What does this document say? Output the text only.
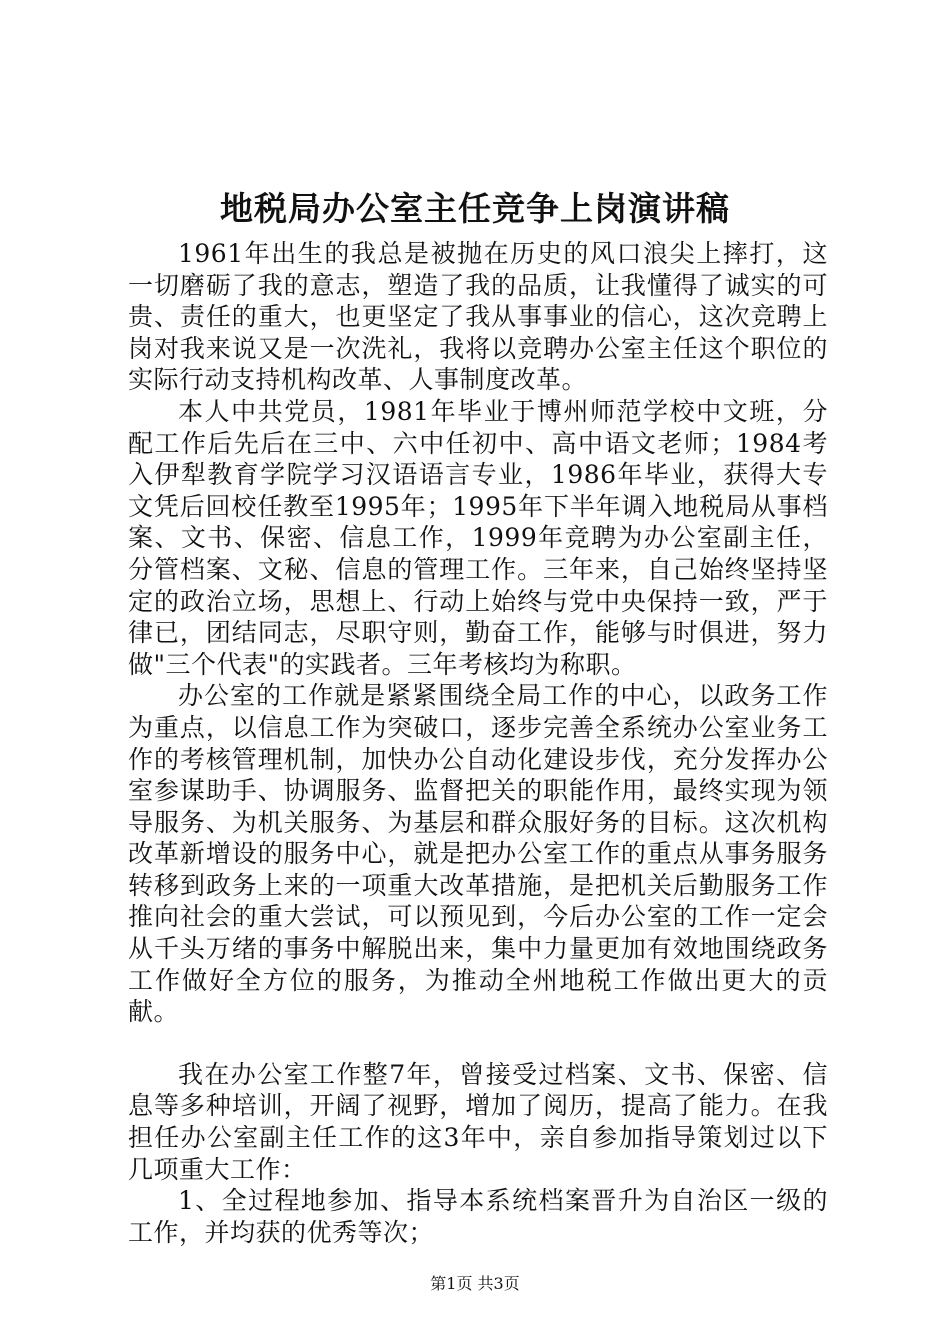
地税局办公室主任竞争上岗演讲稿

1961年出生的我总是被抛在历史的风口浪尖上摔打，这一切磨砺了我的意志，塑造了我的品质，让我懂得了诚实的可贵、责任的重大，也更坚定了我从事事业的信心，这次竞聘上岗对我来说又是一次洗礼，我将以竞聘办公室主任这个职位的实际行动支持机构改革、人事制度改革。

本人中共党员，1981年毕业于博州师范学校中文班，分配工作后先后在三中、六中任初中、高中语文老师；1984考入伊犁教育学院学习汉语语言专业，1986年毕业，获得大专文凭后回校任教至1995年；1995年下半年调入地税局从事档案、文书、保密、信息工作，1999年竞聘为办公室副主任，分管档案、文秘、信息的管理工作。三年来，自己始终坚持坚定的政治立场，思想上、行动上始终与党中央保持一致，严于律已，团结同志，尽职守则，勤奋工作，能够与时俱进，努力做"三个代表"的实践者。三年考核均为称职。

办公室的工作就是紧紧围绕全局工作的中心，以政务工作为重点，以信息工作为突破口，逐步完善全系统办公室业务工作的考核管理机制，加快办公自动化建设步伐，充分发挥办公室参谋助手、协调服务、监督把关的职能作用，最终实现为领导服务、为机关服务、为基层和群众服好务的目标。这次机构改革新增设的服务中心，就是把办公室工作的重点从事务服务转移到政务上来的一项重大改革措施，是把机关后勤服务工作推向社会的重大尝试，可以预见到，今后办公室的工作一定会从千头万绪的事务中解脱出来，集中力量更加有效地围绕政务工作做好全方位的服务，为推动全州地税工作做出更大的贡献。

我在办公室工作整7年，曾接受过档案、文书、保密、信息等多种培训，开阔了视野，增加了阅历，提高了能力。在我担任办公室副主任工作的这3年中，亲自参加指导策划过以下几项重大工作：

1、全过程地参加、指导本系统档案晋升为自治区一级的工作，并均获的优秀等次；

第1页 共3页
